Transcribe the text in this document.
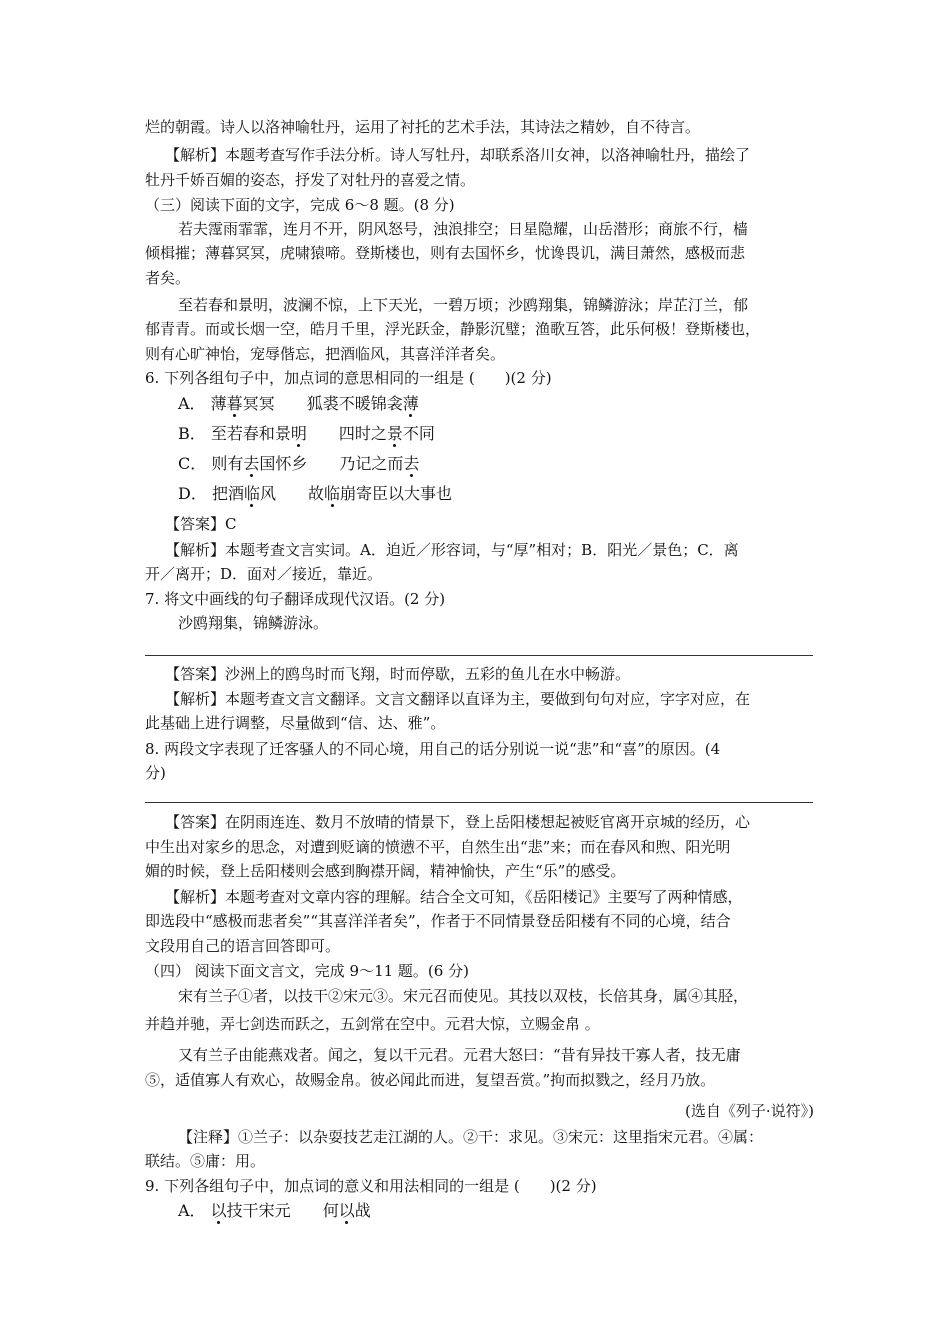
烂的朝霞。诗人以洛神喻牡丹，运用了衬托的艺术手法，其诗法之精妙，自不待言。
【解析】本题考查写作手法分析。诗人写牡丹，却联系洛川女神，以洛神喻牡丹，描绘了
牡丹千娇百媚的姿态，抒发了对牡丹的喜爱之情。
（三）阅读下面的文字，完成 6～8 题。(8 分)
若夫霪雨霏霏，连月不开，阴风怒号，浊浪排空；日星隐耀，山岳潜形；商旅不行，樯
倾楫摧；薄暮冥冥，虎啸猿啼。登斯楼也，则有去国怀乡，忧谗畏讥，满目萧然，感极而悲
者矣。
至若春和景明，波澜不惊，上下天光，一碧万顷；沙鸥翔集，锦鳞游泳；岸芷汀兰，郁
郁青青。而或长烟一空，皓月千里，浮光跃金，静影沉璧；渔歌互答，此乐何极！登斯楼也，
则有心旷神怡，宠辱偕忘，把酒临风，其喜洋洋者矣。
6. 下列各组句子中，加点词的意思相同的一组是 (　　)(2 分)
A． 薄暮冥冥 狐裘不暖锦衾薄
B． 至若春和景明 四时之景不同
C． 则有去国怀乡 乃记之而去
D． 把酒临风 故临崩寄臣以大事也
【答案】C
【解析】本题考查文言实词。A．迫近／形容词，与“厚”相对；B．阳光／景色；C．离
开／离开；D．面对／接近，靠近。
7. 将文中画线的句子翻译成现代汉语。(2 分)
沙鸥翔集，锦鳞游泳。
【答案】沙洲上的鸥鸟时而飞翔，时而停歇，五彩的鱼儿在水中畅游。
【解析】本题考查文言文翻译。文言文翻译以直译为主，要做到句句对应，字字对应，在
此基础上进行调整，尽量做到“信、达、雅”。
8. 两段文字表现了迁客骚人的不同心境，用自己的话分别说一说“悲”和“喜”的原因。(4
分)
【答案】在阴雨连连、数月不放晴的情景下，登上岳阳楼想起被贬官离开京城的经历，心
中生出对家乡的思念，对遭到贬谪的愤懑不平，自然生出“悲”来；而在春风和煦、阳光明
媚的时候，登上岳阳楼则会感到胸襟开阔，精神愉快，产生“乐”的感受。
【解析】本题考查对文章内容的理解。结合全文可知，《岳阳楼记》主要写了两种情感，
即选段中“感极而悲者矣”“其喜洋洋者矣”，作者于不同情景登岳阳楼有不同的心境，结合
文段用自己的语言回答即可。
（四） 阅读下面文言文，完成 9～11 题。(6 分)
宋有兰子①者，以技干②宋元③。宋元召而使见。其技以双枝，长倍其身，属④其胫，
并趋并驰，弄七剑迭而跃之，五剑常在空中。元君大惊，立赐金帛 。
又有兰子由能燕戏者。闻之，复以干元君。元君大怒曰：“昔有异技干寡人者，技无庸
⑤，适值寡人有欢心，故赐金帛。彼必闻此而进，复望吾赏。”拘而拟戮之，经月乃放。
(选自《列子·说符》)
【注释】①兰子：以杂耍技艺走江湖的人。②干：求见。③宋元：这里指宋元君。④属：
联结。⑤庸：用。
9. 下列各组句子中，加点词的意义和用法相同的一组是 (　　)(2 分)
A． 以技干宋元 何以战
